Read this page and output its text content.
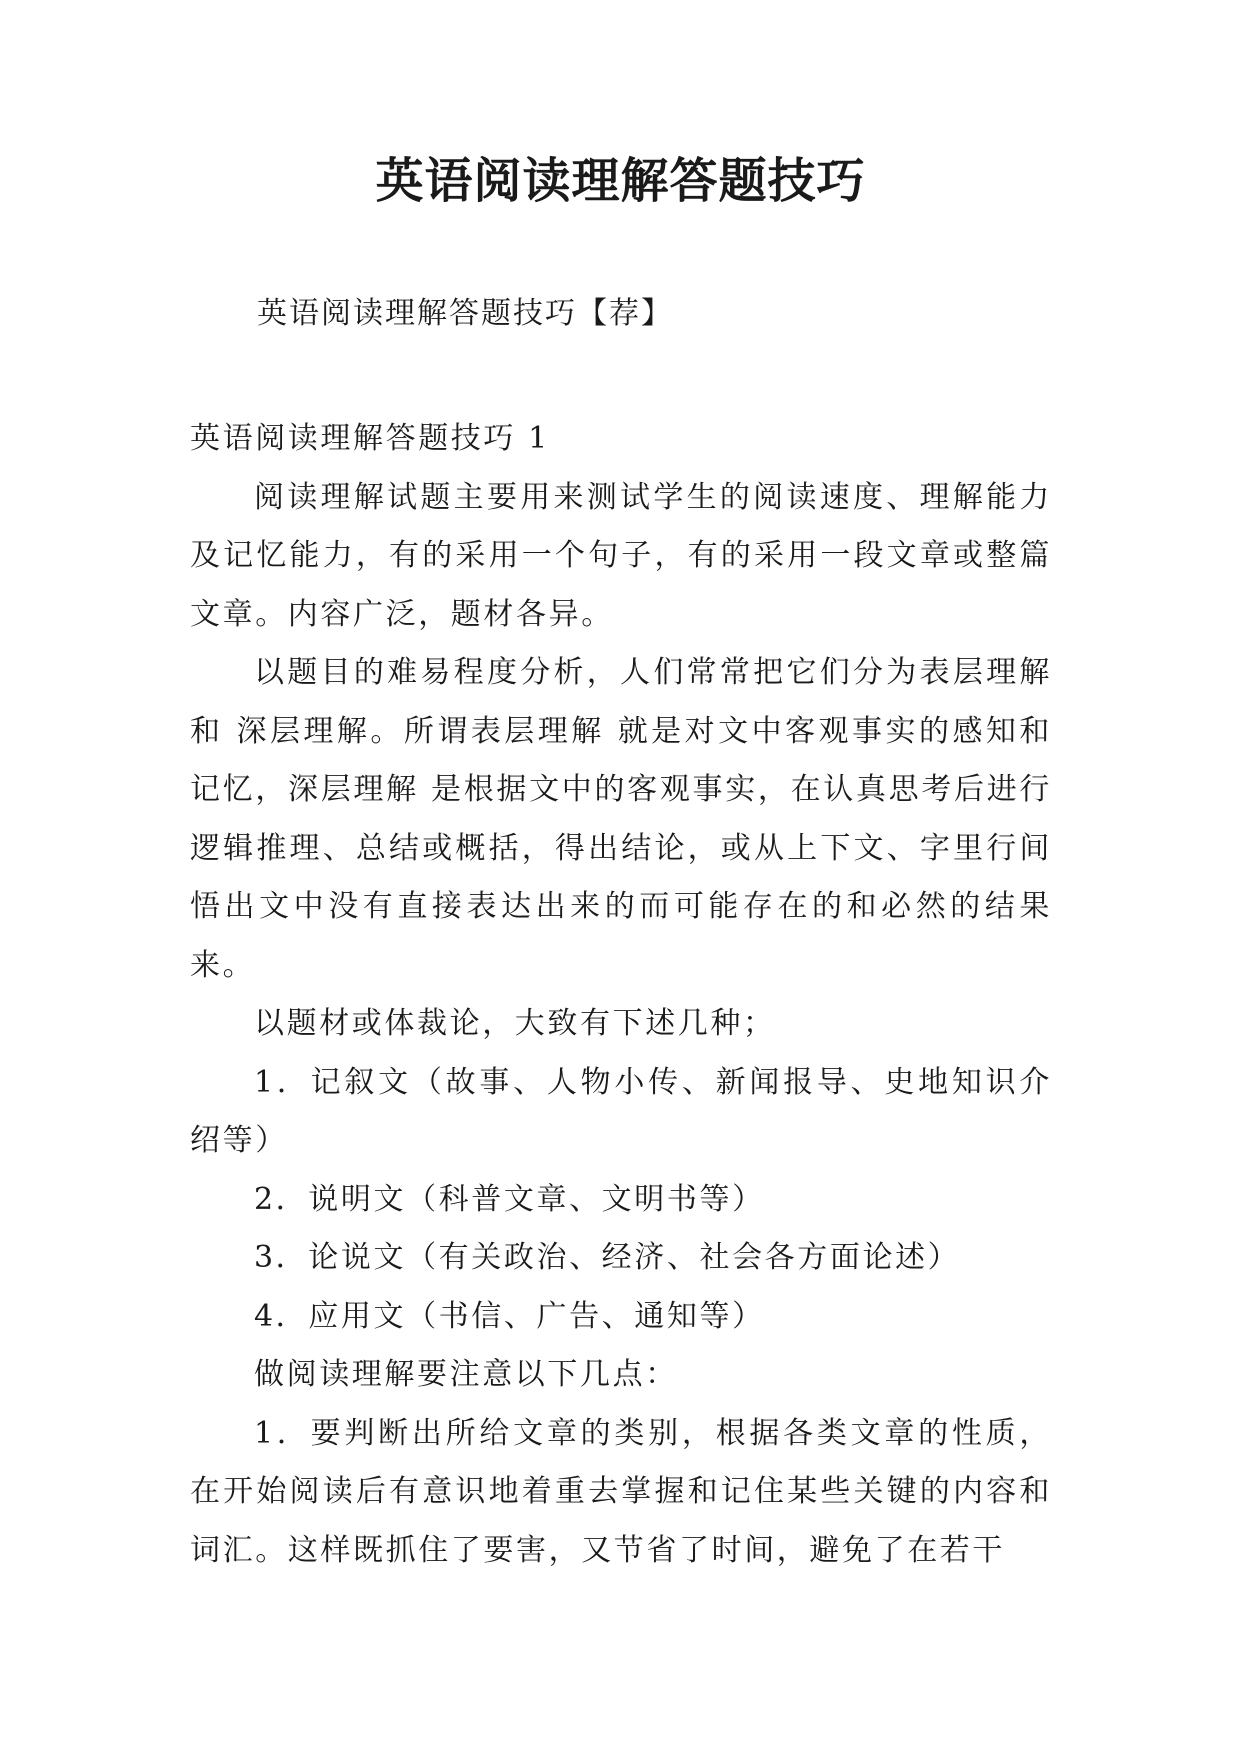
英语阅读理解答题技巧
英语阅读理解答题技巧【荐】

英语阅读理解答题技巧 1

阅读理解试题主要用来测试学生的阅读速度、理解能力及记忆能力，有的采用一个句子，有的采用一段文章或整篇文章。内容广泛，题材各异。

以题目的难易程度分析，人们常常把它们分为表层理解和 深层理解。所谓表层理解 就是对文中客观事实的感知和记忆，深层理解 是根据文中的客观事实，在认真思考后进行逻辑推理、总结或概括，得出结论，或从上下文、字里行间悟出文中没有直接表达出来的而可能存在的和必然的结果来。

以题材或体裁论，大致有下述几种；

1．记叙文（故事、人物小传、新闻报导、史地知识介绍等）

2．说明文（科普文章、文明书等）

3．论说文（有关政治、经济、社会各方面论述）

4．应用文（书信、广告、通知等）

做阅读理解要注意以下几点：

1．要判断出所给文章的类别，根据各类文章的性质，在开始阅读后有意识地着重去掌握和记住某些关键的内容和词汇。这样既抓住了要害，又节省了时间，避免了在若干
